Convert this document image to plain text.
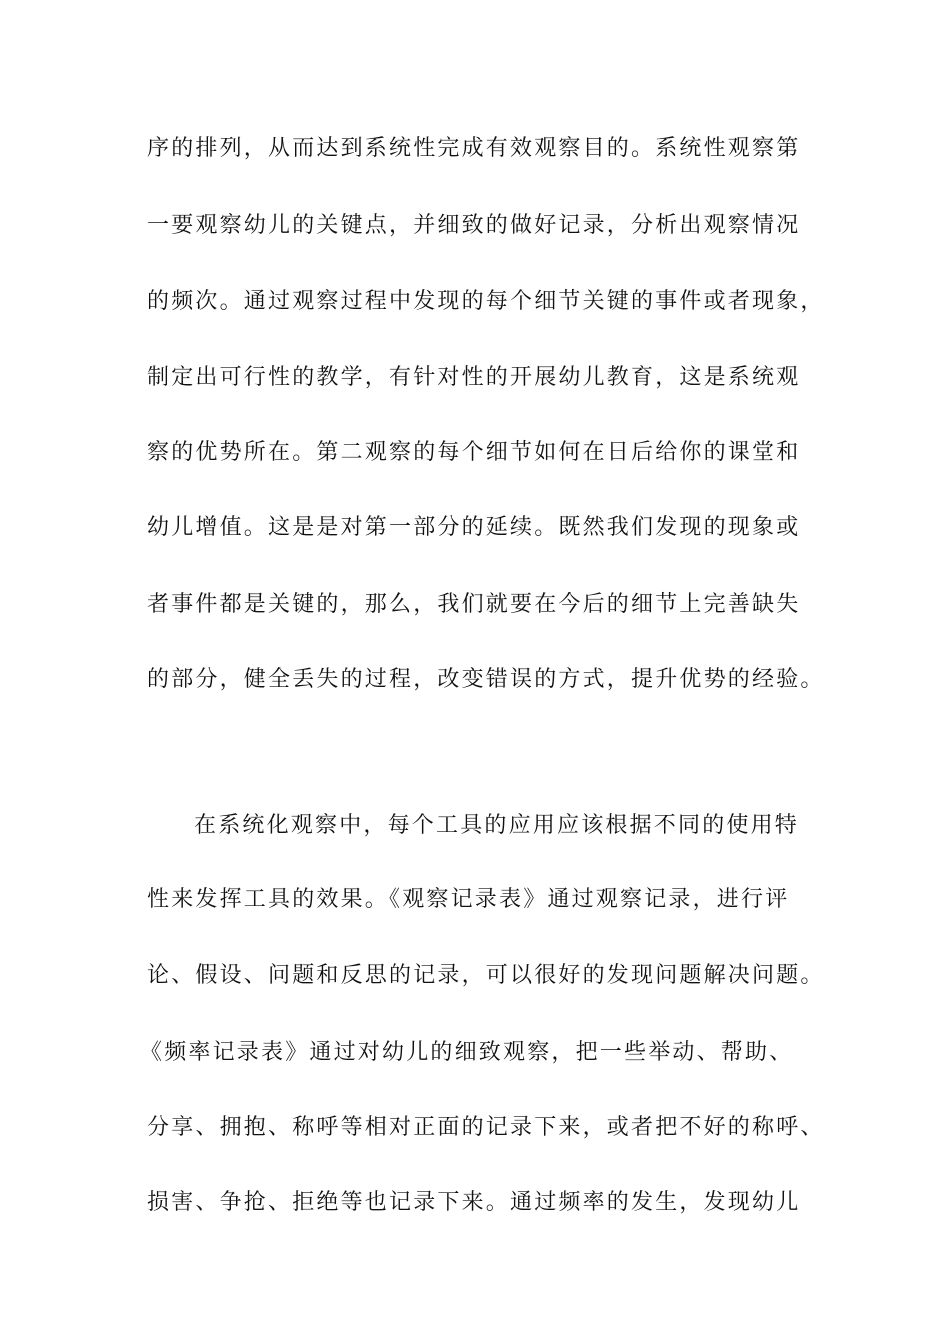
序的排列，从而达到系统性完成有效观察目的。系统性观察第
一要观察幼儿的关键点，并细致的做好记录，分析出观察情况
的频次。通过观察过程中发现的每个细节关键的事件或者现象，
制定出可行性的教学，有针对性的开展幼儿教育，这是系统观
察的优势所在。第二观察的每个细节如何在日后给你的课堂和
幼儿增值。这是是对第一部分的延续。既然我们发现的现象或
者事件都是关键的，那么，我们就要在今后的细节上完善缺失
的部分，健全丢失的过程，改变错误的方式，提升优势的经验。
在系统化观察中，每个工具的应用应该根据不同的使用特
性来发挥工具的效果。《观察记录表》通过观察记录，进行评
论、假设、问题和反思的记录，可以很好的发现问题解决问题。
《频率记录表》通过对幼儿的细致观察，把一些举动、帮助、
分享、拥抱、称呼等相对正面的记录下来，或者把不好的称呼、
损害、争抢、拒绝等也记录下来。通过频率的发生，发现幼儿
